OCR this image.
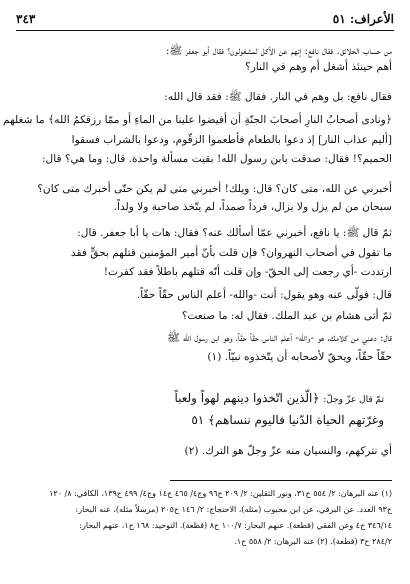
الأعراف: ٥١
٣٤٣
من حساب الخلائق. فقال نافع: إنهم عن الأكل لمشغولون؟ فقال أبو جعفر ﷺ:
أهم حينئذ أشغل أم وهم في النار؟
فقال نافع: بل وهم في النار. فقال ﷺ: فقد قال الله:
﴿ونادى أصحابُ النارِ أصحابَ الجنّةِ أن أفيضوا علينا من الماءِ أو ممّا رزقكمُ الله﴾ ما شغلهم
[أليم عذاب النار] إذ دعوا بالطعام فأطعموا الزقّوم، ودعوا بالشراب فسقوا
الحميم؟! فقال: صدقت يابن رسول الله! بقيت مسألة واحدة. قال: وما هي؟ قال:
أخبرني عن الله، متى كان؟ قال: ويلك! أخبرني متى لم يكن حتّى أخبرك متى كان؟
سبحان من لم يزل ولا يزال، فرداً صمداً، لم يتّخذ صاحبة ولا ولداً.
ثمّ قال ﷺ: يا نافع، أخبرني عمّا أسألك عنه؟ فقال: هات يا أبا جعفر. قال:
ما تقول في أصحاب النهروان؟ فإن قلت بأنّ أمير المؤمنين قتلهم بحقٍّ فقد
ارتددت -أي رجعت إلى الحقّ- وإن قلت أنّه قتلهم باطلاً فقد كفرت!
قال: فولّى عنه وهو يقول: أنت -والله- أعلم الناس حقّاً حقّاً.
ثمّ أتى هشام بن عبد الملك. فقال له: ما صنعت؟
قال: دعني من كلامك، هو -والله- أعلم الناس حقّاً حقّاً، وهو ابن رسول الله ﷺ
حقّاً حقّاً، ويحقّ لأصحابه أن يتّخذوه نبيّاً. (١)
ثمّ قال عزّ وجلّ: ﴿الّذين اتّخذوا دينهم لهواً ولعباً
وغرّتهم الحياة الدّنيا فاليوم ننساهم﴾ ٥١
أي نتركهم، والنسيان منه عزّ وجلّ هو الترك. (٢)
(١) عنه البرهان: ٢/ ٥٥٤ ح٣١، ونور الثقلين: ٢/ ٢٠٩ ح٩٦ وج٤/ ٤٦٥ ح١٤ وج٤/ ٤٩٩ ح١٣٩، الكافي: ٨/ ١٢٠
ح٩٣ العدد. عن البرقي، عن ابن محبوب (مثله)، الاحتجاج: ٢/ ١٤٦ ح٢٠٥ (مرسلاً مثله)، عنه البحار:
٣٤٦/١٤ ح٤ وعن الفقي (قطعة). عنهم البحار: ١٠٠/٧ ح٨ (قطعة). التوحيد: ١٦٨ ح١، عنهم البحار:
٢٨٤/٢ ح٣ (قطعة). (٢) عنه البرهان: ٢/ ٥٥٨ ح١.
